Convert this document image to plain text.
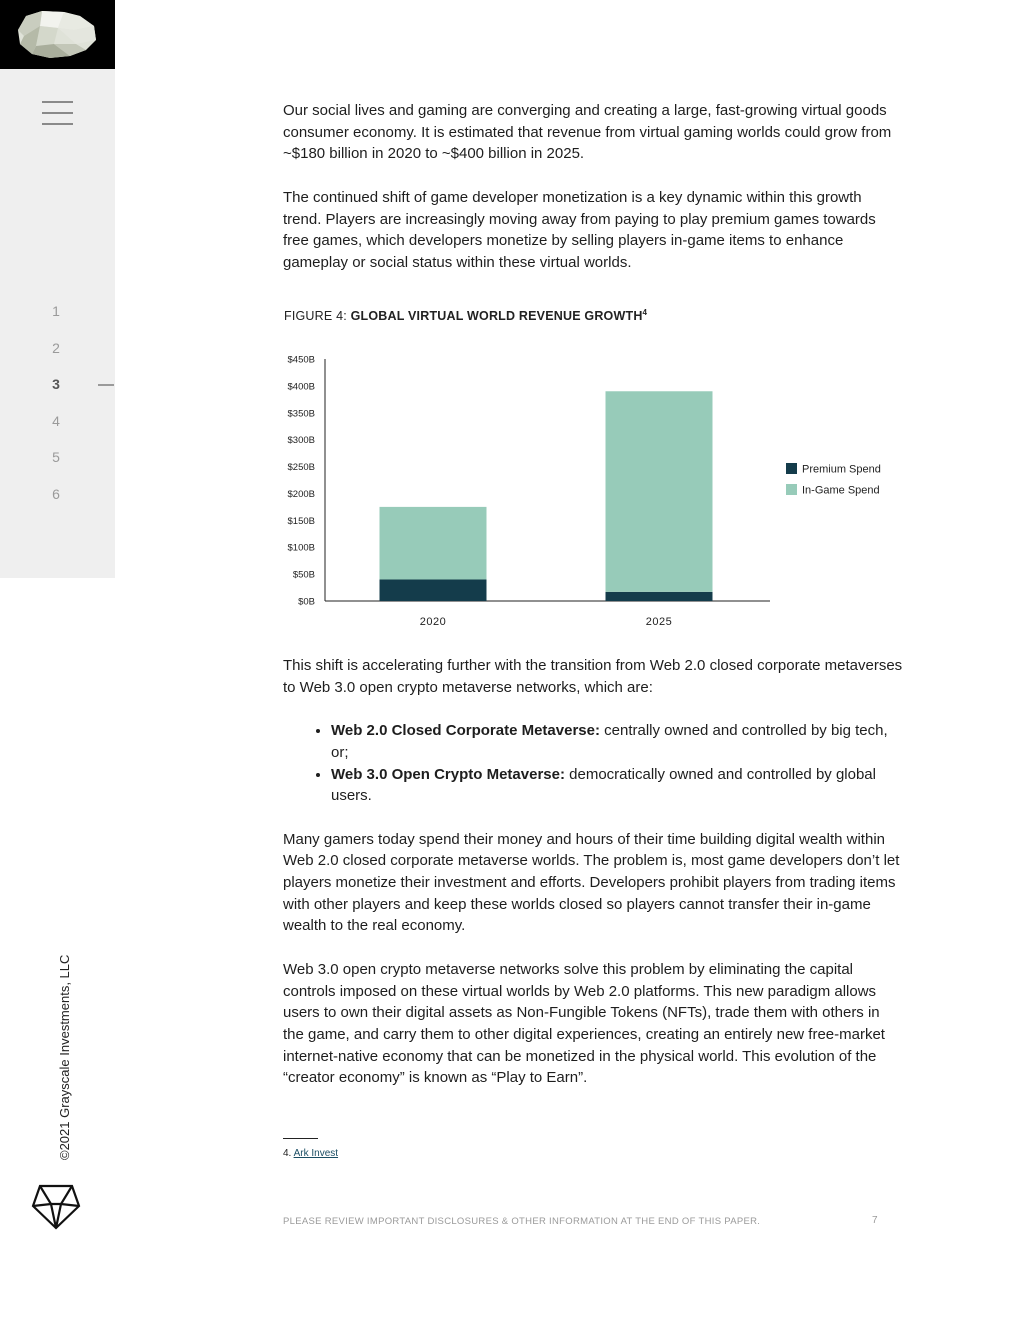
1
2
3
4
5
6
©2021 Grayscale Investments, LLC

Our social lives and gaming are converging and creating a large, fast-growing virtual goods consumer economy. It is estimated that revenue from virtual gaming worlds could grow from ~$180 billion in 2020 to ~$400 billion in 2025.

The continued shift of game developer monetization is a key dynamic within this growth trend. Players are increasingly moving away from paying to play premium games towards free games, which developers monetize by selling players in-game items to enhance gameplay or social status within these virtual worlds.

FIGURE 4: GLOBAL VIRTUAL WORLD REVENUE GROWTH$^4$
$0B
$50B
$100B
$150B
$200B
$250B
$300B
$350B
$400B
$450B
2020	2025
Premium Spend
In-Game Spend

This shift is accelerating further with the transition from Web 2.0 closed corporate metaverses to Web 3.0 open crypto metaverse networks, which are:

• Web 2.0 Closed Corporate Metaverse: centrally owned and controlled by big tech, or;
• Web 3.0 Open Crypto Metaverse: democratically owned and controlled by global users.

Many gamers today spend their money and hours of their time building digital wealth within Web 2.0 closed corporate metaverse worlds. The problem is, most game developers don’t let players monetize their investment and efforts. Developers prohibit players from trading items with other players and keep these worlds closed so players cannot transfer their in-game wealth to the real economy.

Web 3.0 open crypto metaverse networks solve this problem by eliminating the capital controls imposed on these virtual worlds by Web 2.0 platforms. This new paradigm allows users to own their digital assets as Non-Fungible Tokens (NFTs), trade them with others in the game, and carry them to other digital experiences, creating an entirely new free-market internet-native economy that can be monetized in the physical world. This evolution of the “creator economy” is known as “Play to Earn”.

4. Ark Invest
PLEASE REVIEW IMPORTANT DISCLOSURES & OTHER INFORMATION AT THE END OF THIS PAPER.	7
